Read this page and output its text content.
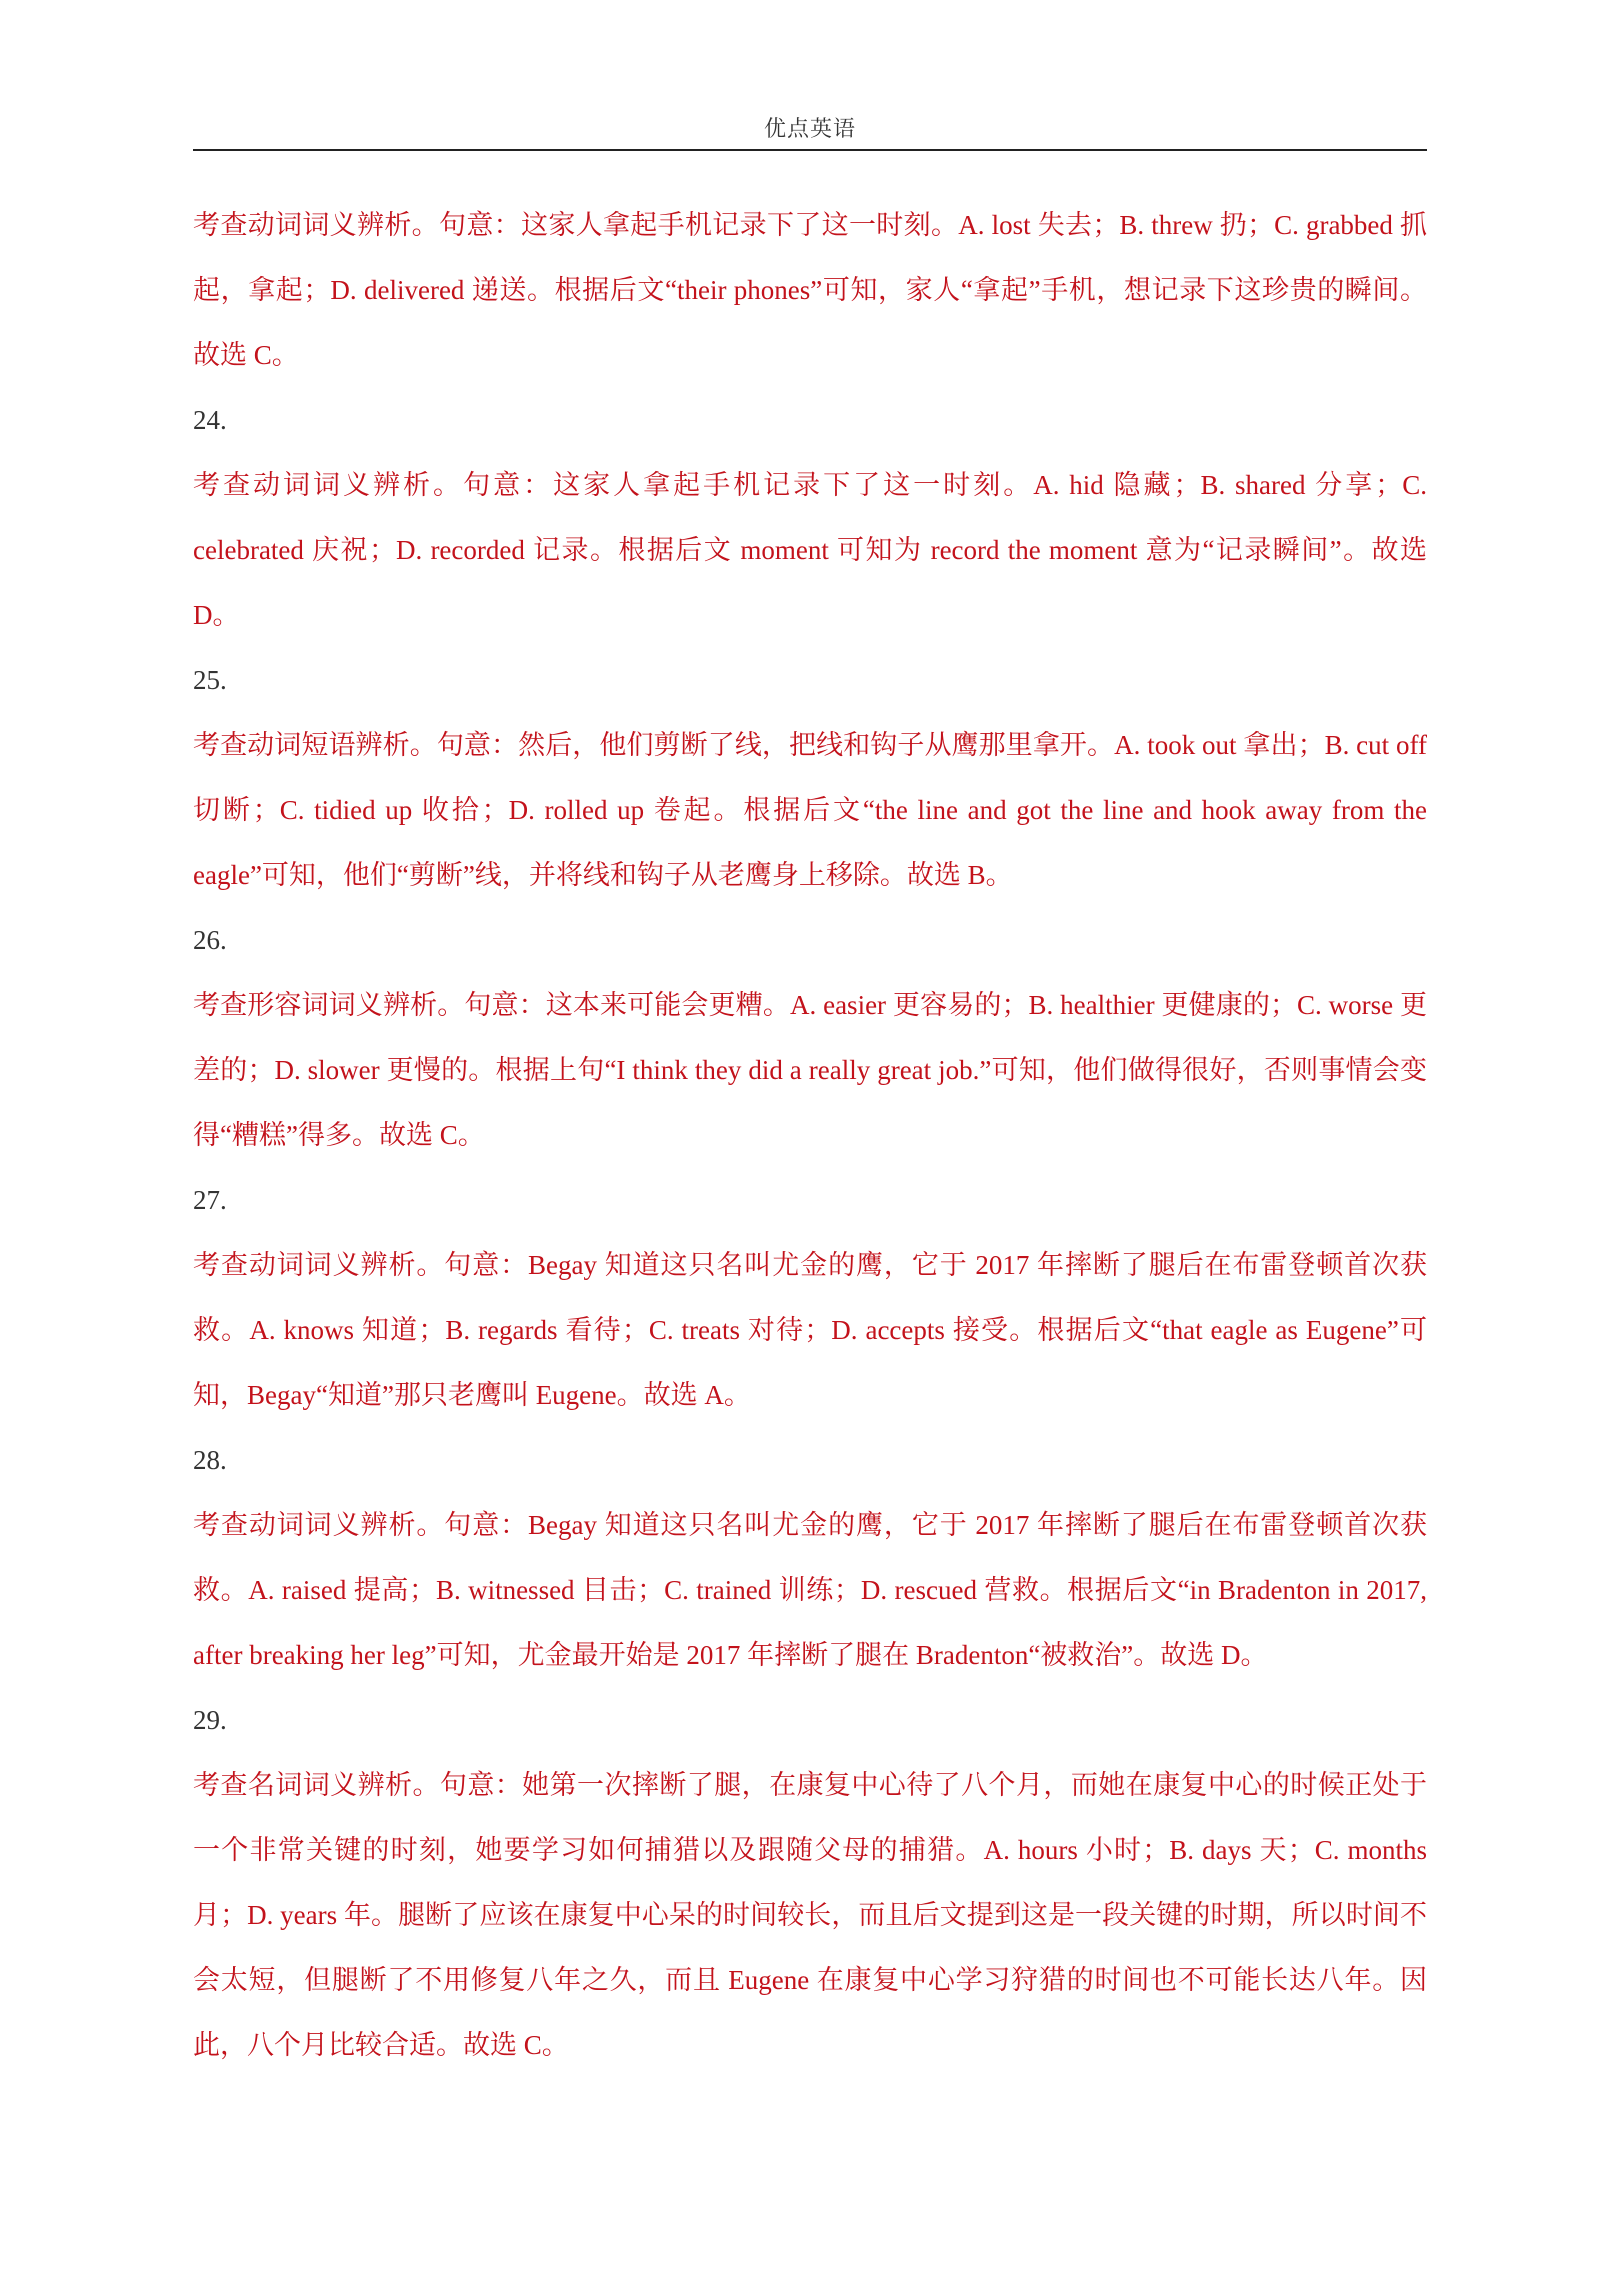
优点英语

考查动词词义辨析。句意：这家人拿起手机记录下了这一时刻。A. lost 失去；B. threw 扔；C. grabbed 抓起，拿起；D. delivered 递送。根据后文“their phones”可知，家人“拿起”手机，想记录下这珍贵的瞬间。故选 C。

24.

考查动词词义辨析。句意：这家人拿起手机记录下了这一时刻。A. hid 隐藏；B. shared 分享；C. celebrated 庆祝；D. recorded 记录。根据后文 moment 可知为 record the moment 意为“记录瞬间”。故选 D。

25.

考查动词短语辨析。句意：然后，他们剪断了线，把线和钩子从鹰那里拿开。A. took out 拿出；B. cut off 切断；C. tidied up 收拾；D. rolled up 卷起。根据后文“the line and got the line and hook away from the eagle”可知，他们“剪断”线，并将线和钩子从老鹰身上移除。故选 B。

26.

考查形容词词义辨析。句意：这本来可能会更糟。A. easier 更容易的；B. healthier 更健康的；C. worse 更差的；D. slower 更慢的。根据上句“I think they did a really great job.”可知，他们做得很好，否则事情会变得“糟糕”得多。故选 C。

27.

考查动词词义辨析。句意：Begay 知道这只名叫尤金的鹰，它于 2017 年摔断了腿后在布雷登顿首次获救。A. knows 知道；B. regards 看待；C. treats 对待；D. accepts 接受。根据后文“that eagle as Eugene”可知，Begay“知道”那只老鹰叫 Eugene。故选 A。

28.

考查动词词义辨析。句意：Begay 知道这只名叫尤金的鹰，它于 2017 年摔断了腿后在布雷登顿首次获救。A. raised 提高；B. witnessed 目击；C. trained 训练；D. rescued 营救。根据后文“in Bradenton in 2017, after breaking her leg”可知，尤金最开始是 2017 年摔断了腿在 Bradenton“被救治”。故选 D。

29.

考查名词词义辨析。句意：她第一次摔断了腿，在康复中心待了八个月，而她在康复中心的时候正处于一个非常关键的时刻，她要学习如何捕猎以及跟随父母的捕猎。A. hours 小时；B. days 天；C. months 月；D. years 年。腿断了应该在康复中心呆的时间较长，而且后文提到这是一段关键的时期，所以时间不会太短，但腿断了不用修复八年之久，而且 Eugene 在康复中心学习狩猎的时间也不可能长达八年。因此，八个月比较合适。故选 C。
